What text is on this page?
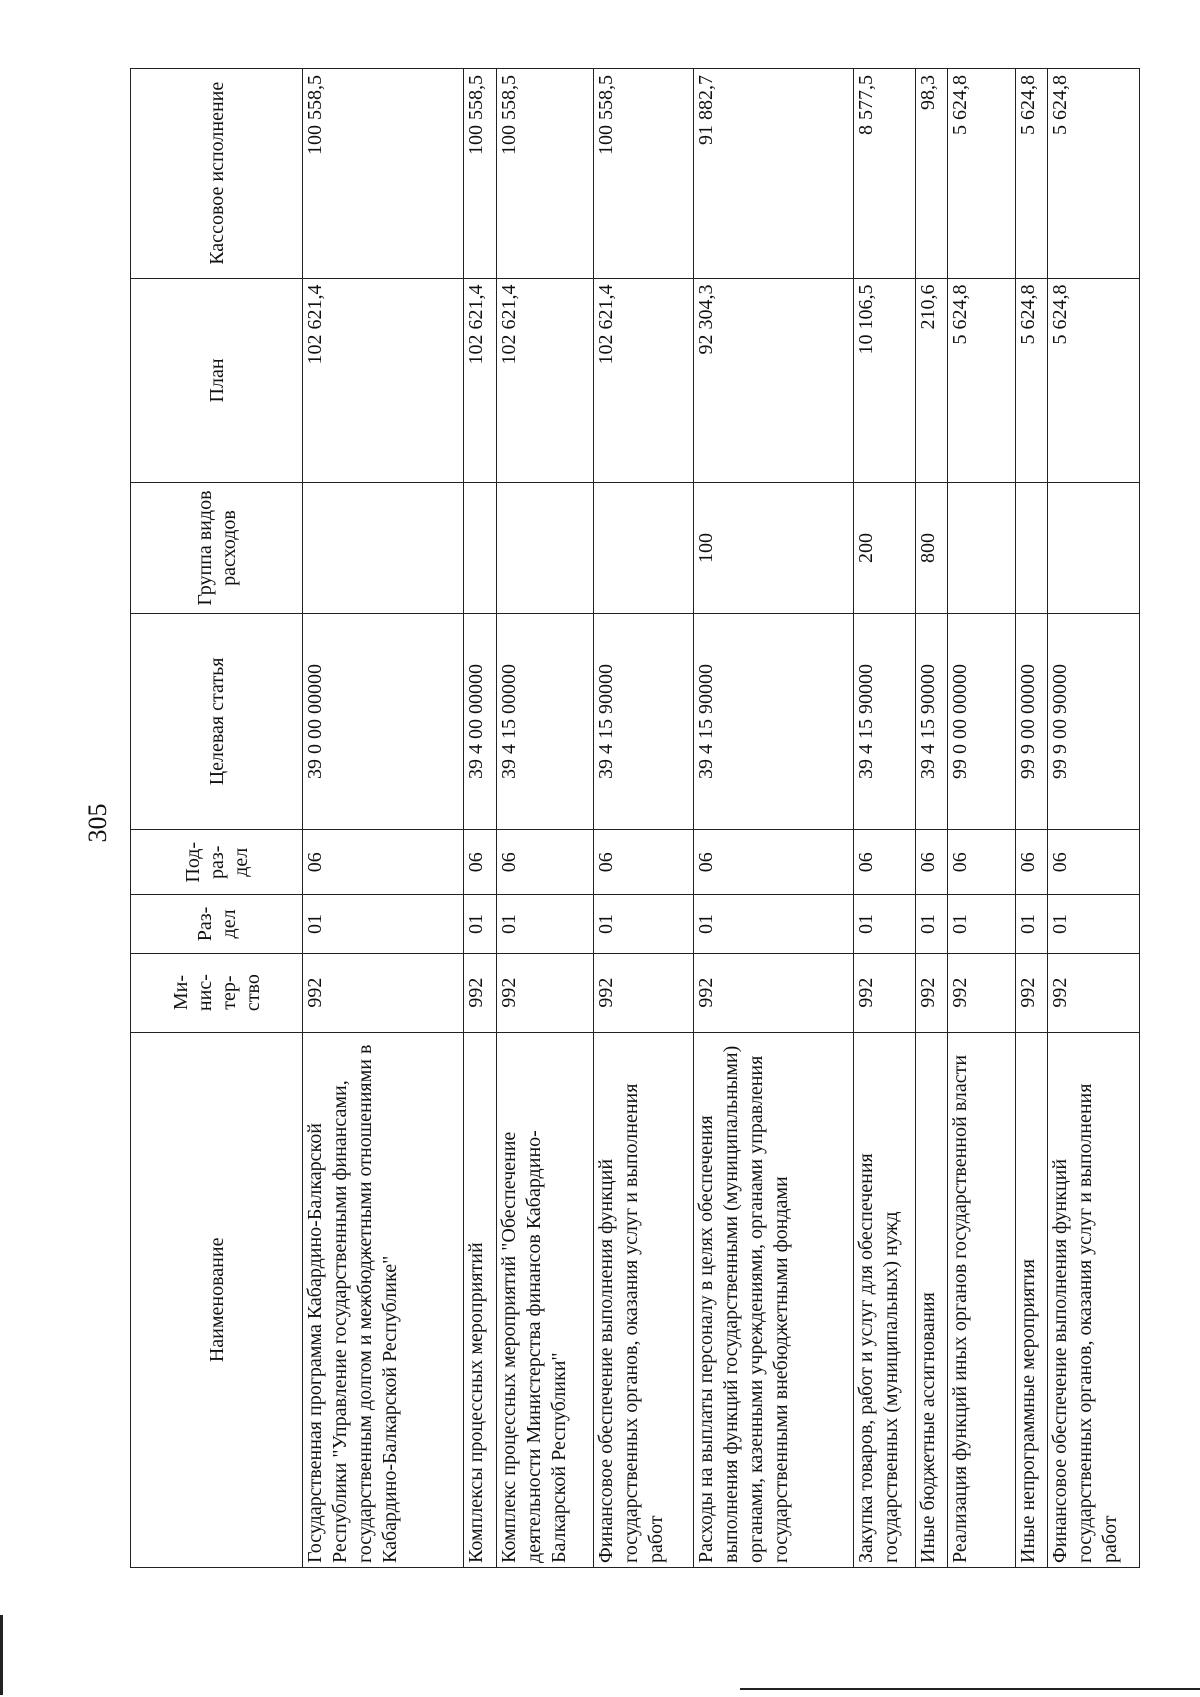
305
Наименование	Ми-нис-тер-ство	Раз-дел	Под-раз-дел	Целевая статья	Группа видов расходов	План	Кассовое исполнение
Государственная программа Кабардино-Балкарской Республики "Управление государственными финансами, государственным долгом и межбюджетными отношениями в Кабардино-Балкарской Республике"	992	01	06	39 0 00 00000		102 621,4	100 558,5
Комплексы процессных мероприятий	992	01	06	39 4 00 00000		102 621,4	100 558,5
Комплекс процессных мероприятий "Обеспечение деятельности Министерства финансов Кабардино-Балкарской Республики"	992	01	06	39 4 15 00000		102 621,4	100 558,5
Финансовое обеспечение выполнения функций государственных органов, оказания услуг и выполнения работ	992	01	06	39 4 15 90000		102 621,4	100 558,5
Расходы на выплаты персоналу в целях обеспечения выполнения функций государственными (муниципальными) органами, казенными учреждениями, органами управления государственными внебюджетными фондами	992	01	06	39 4 15 90000	100	92 304,3	91 882,7
Закупка товаров, работ и услуг для обеспечения государственных (муниципальных) нужд	992	01	06	39 4 15 90000	200	10 106,5	8 577,5
Иные бюджетные ассигнования	992	01	06	39 4 15 90000	800	210,6	98,3
Реализация функций иных органов государственной власти	992	01	06	99 0 00 00000		5 624,8	5 624,8
Иные непрограммные мероприятия	992	01	06	99 9 00 00000		5 624,8	5 624,8
Финансовое обеспечение выполнения функций государственных органов, оказания услуг и выполнения работ	992	01	06	99 9 00 90000		5 624,8	5 624,8
